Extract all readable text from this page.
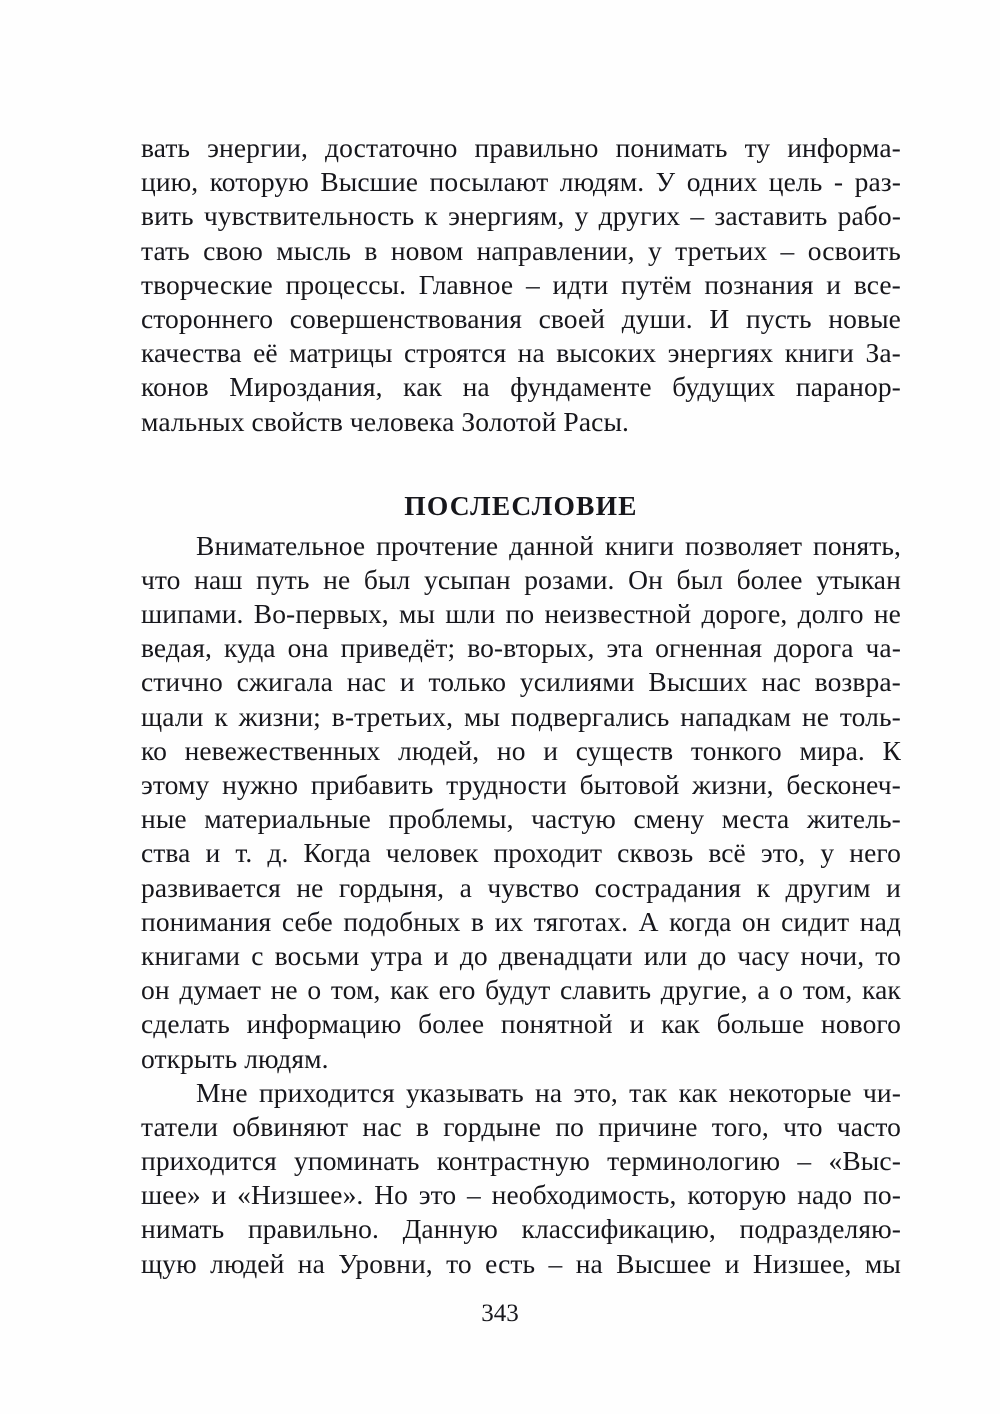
вать энергии, достаточно правильно понимать ту информа-
цию, которую Высшие посылают людям. У одних цель - раз-
вить чувствительность к энергиям, у других – заставить рабо-
тать свою мысль в новом направлении, у третьих – освоить
творческие процессы. Главное – идти путём познания и все-
стороннего совершенствования своей души. И пусть новые
качества её матрицы строятся на высоких энергиях книги За-
конов Мироздания, как на фундаменте будущих паранор-
мальных свойств человека Золотой Расы.
ПОСЛЕСЛОВИЕ
Внимательное прочтение данной книги позволяет понять,
что наш путь не был усыпан розами. Он был более утыкан
шипами. Во-первых, мы шли по неизвестной дороге, долго не
ведая, куда она приведёт; во-вторых, эта огненная дорога ча-
стично сжигала нас и только усилиями Высших нас возвра-
щали к жизни; в-третьих, мы подвергались нападкам не толь-
ко невежественных людей, но и существ тонкого мира. К
этому нужно прибавить трудности бытовой жизни, бесконеч-
ные материальные проблемы, частую смену места житель-
ства и т. д. Когда человек проходит сквозь всё это, у него
развивается не гордыня, а чувство сострадания к другим и
понимания себе подобных в их тяготах. А когда он сидит над
книгами с восьми утра и до двенадцати или до часу ночи, то
он думает не о том, как его будут славить другие, а о том, как
сделать информацию более понятной и как больше нового
открыть людям.
Мне приходится указывать на это, так как некоторые чи-
татели обвиняют нас в гордыне по причине того, что часто
приходится упоминать контрастную терминологию – «Выс-
шее» и «Низшее». Но это – необходимость, которую надо по-
нимать правильно. Данную классификацию, подразделяю-
щую людей на Уровни, то есть – на Высшее и Низшее, мы
343
